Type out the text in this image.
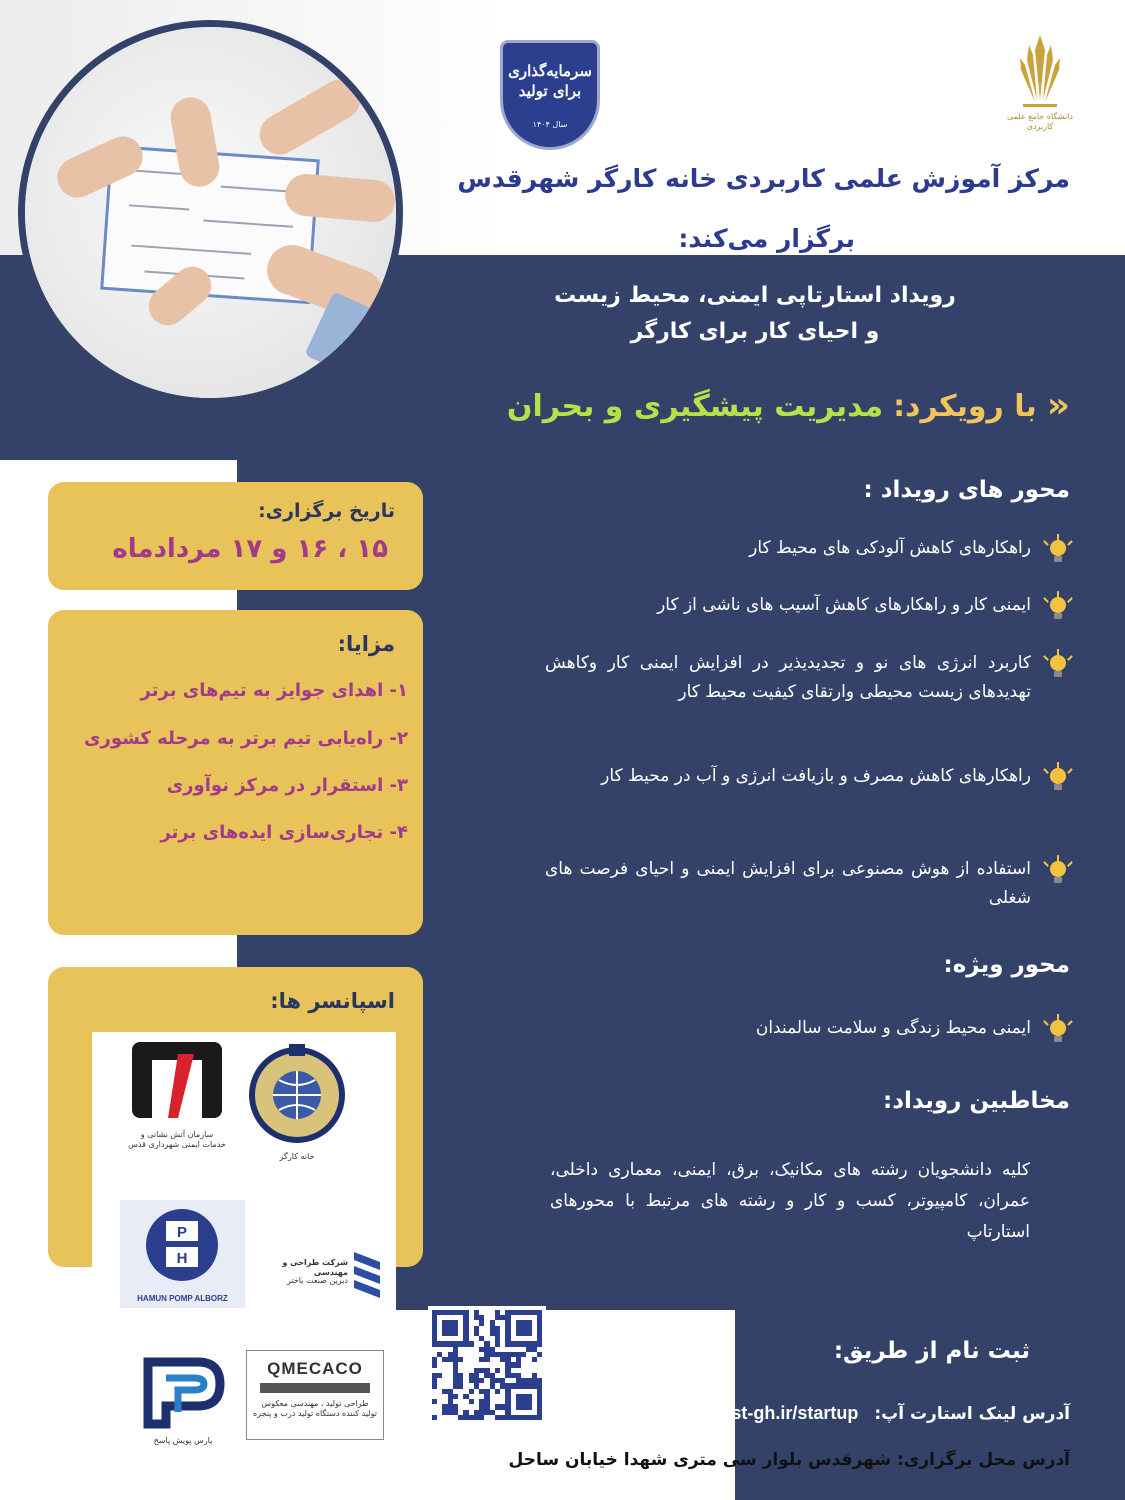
سرمایه‌گذاری
برای تولید
سال ۱۴۰۴
دانشگاه جامع علمی کاربردی
مرکز آموزش علمی کاربردی خانه کارگر شهرقدس
برگزار می‌کند:
رویداد استارتاپی ایمنی، محیط زیست
و احیای کار برای کارگر
«
با رویکرد:
مدیریت پیشگیری و بحران
محور های رویداد :
راهکارهای کاهش آلودکی های محیط کار
ایمنی کار و راهکارهای کاهش آسیب های ناشی از کار
کاربرد انرژی های نو و تجدیدیذیر در افزایش ایمنی کار وکاهش تهدیدهای زیست محیطی وارتقای کیفیت محیط کار
راهکارهای کاهش مصرف و بازیافت انرژی و آب در محیط کار
استفاده از هوش مصنوعی برای افزایش ایمنی و احیای فرصت های شغلی
محور ویژه:
ایمنی محیط زندگی و سلامت سالمندان
مخاطبین رویداد:
کلیه دانشجویان رشته های مکانیک، برق، ایمنی، معماری داخلی، عمران، کامپیوتر، کسب و کار و رشته های مرتبط با محورهای استارتاپ
ثبت نام از طریق:
آدرس لینک استارت آپ:
https://last-gh.ir/startup
آدرس محل برگزاری: شهرقدس بلوار سی متری شهدا خیابان ساحل
تاریخ برگزاری:
۱۵ ، ۱۶ و ۱۷ مردادماه
مزایا:
۱- اهدای جوایز به تیم‌های برتر
۲- راه‌یابی تیم برتر به مرحله کشوری
۳- استقرار در مرکز نوآوری
۴- تجاری‌سازی ایده‌های برتر
اسپانسر ها:
سازمان آتش نشانی و خدمات ایمنی شهرداری قدس
خانه کارگر
P
H
HAMUN POMP ALBORZ
شرکت طراحی و مهندسی
دیرین صنعت باختر
پارس پویش پاسخ
QMECACO
طراحی تولید ، مهندسی معکوس
تولید کننده دستگاه تولید درب و پنجره
